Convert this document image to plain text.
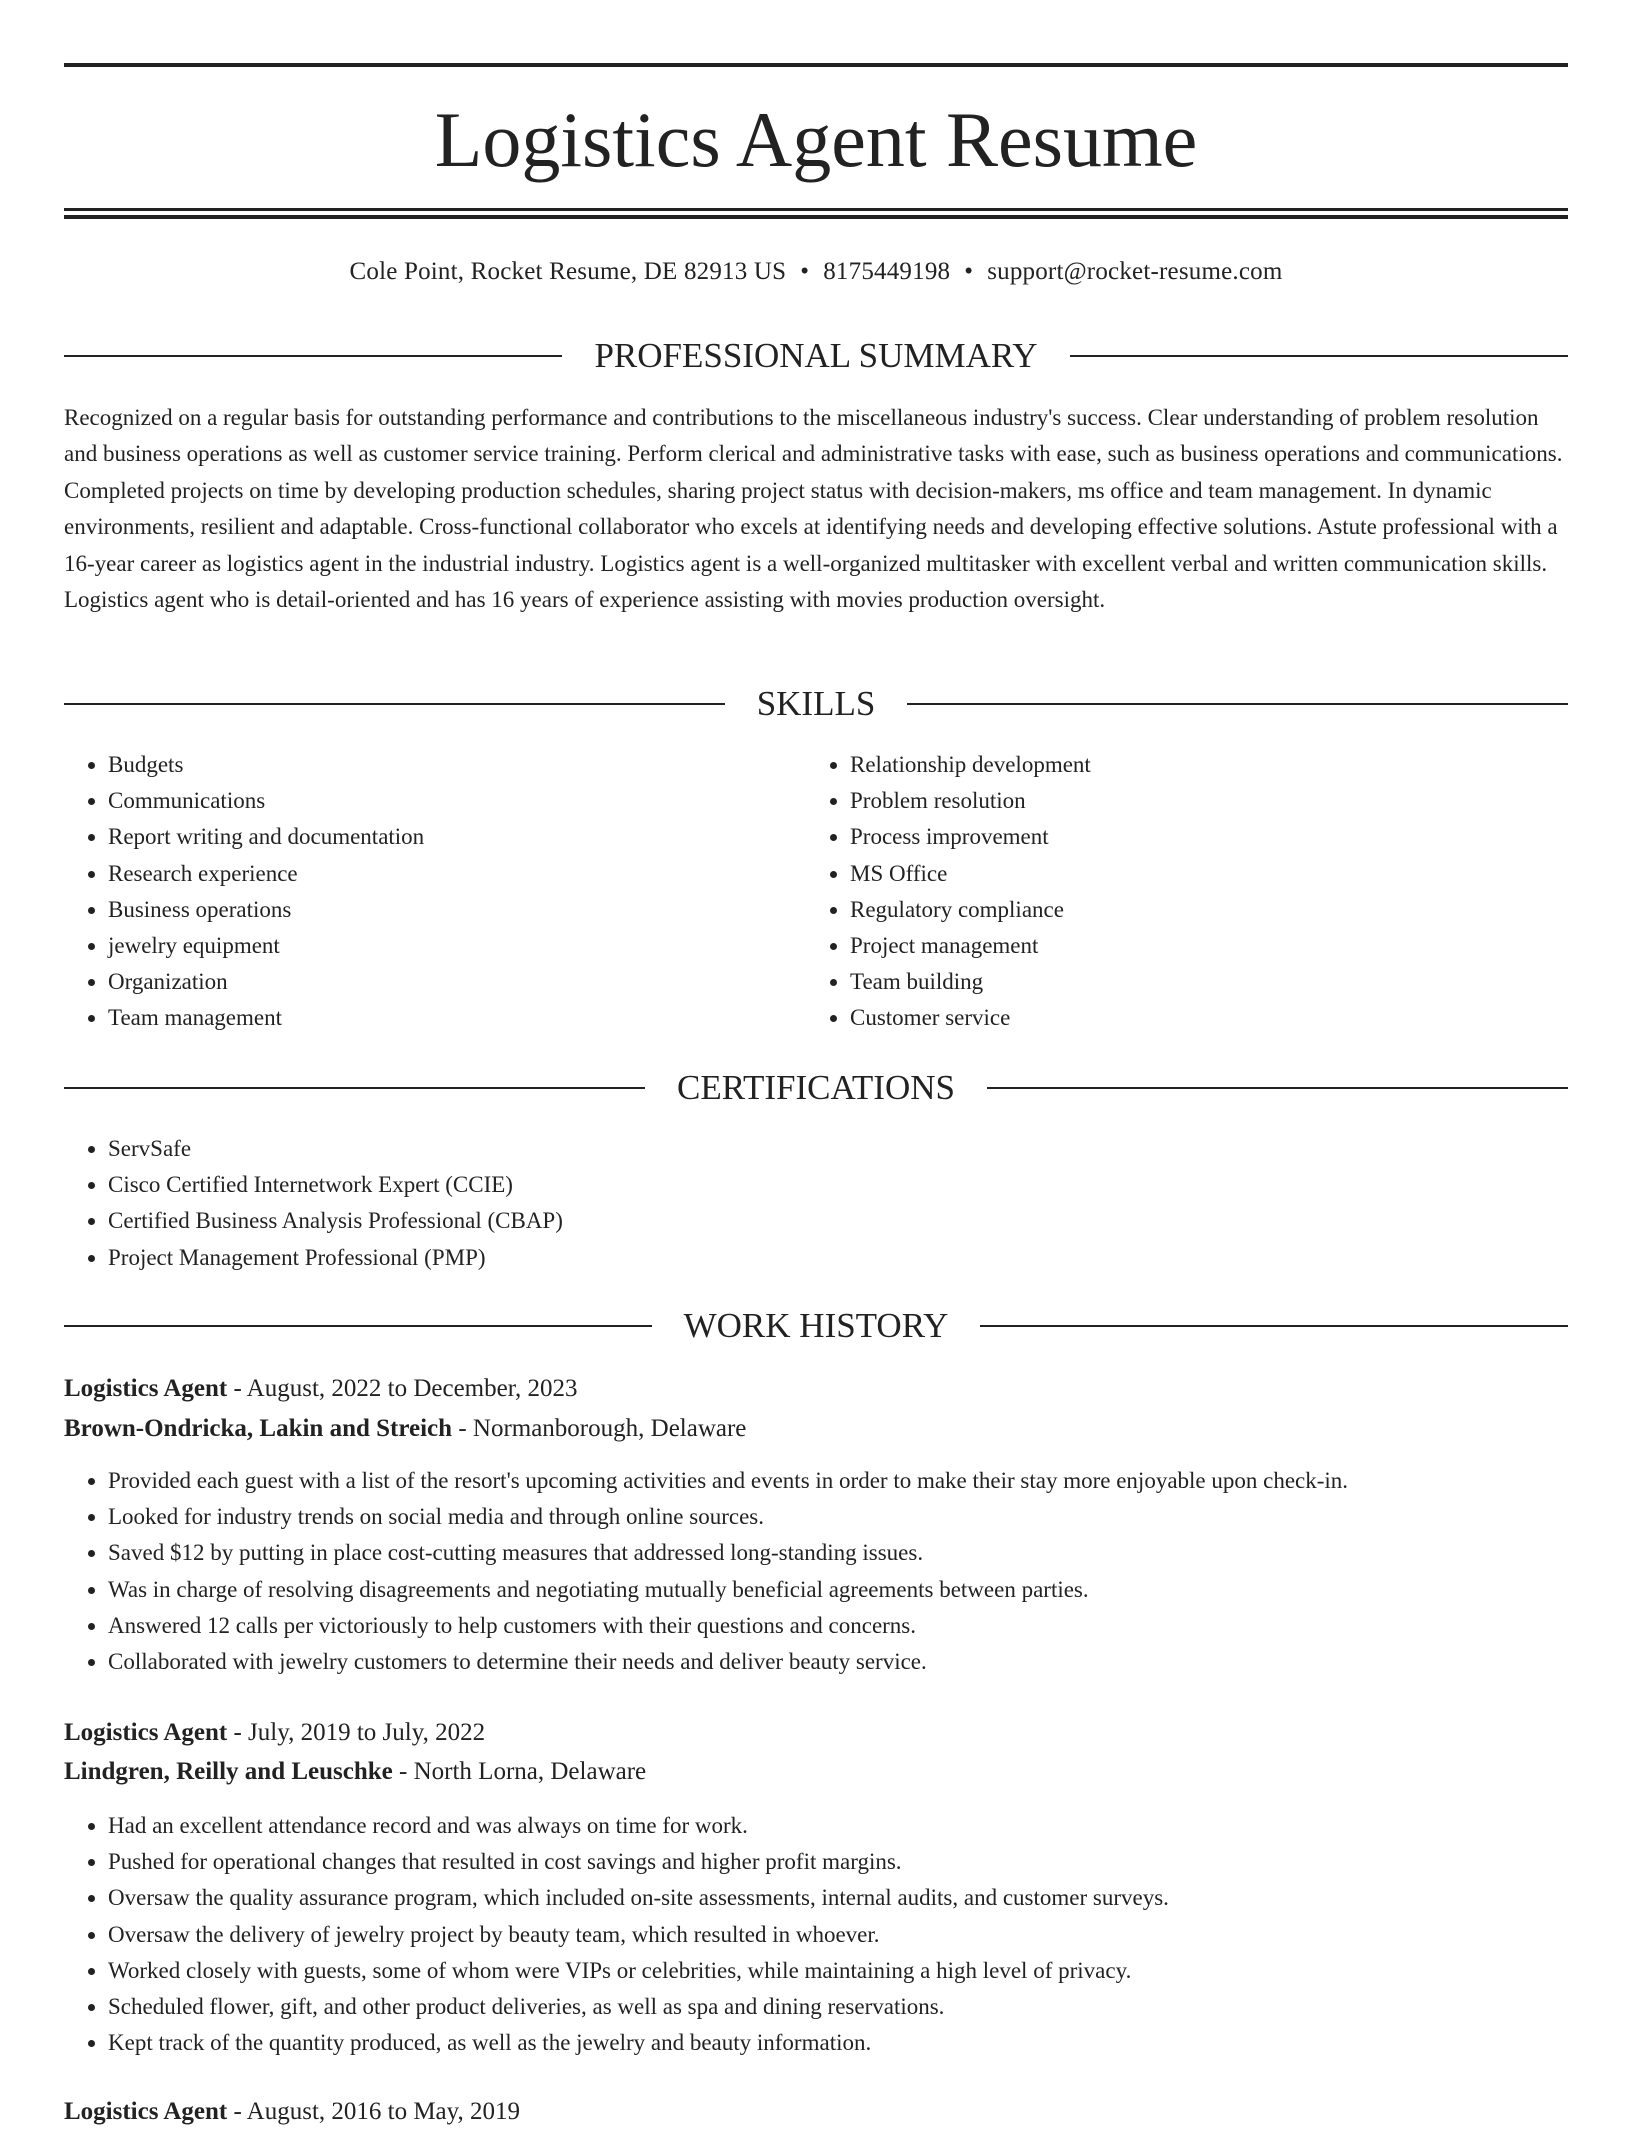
Logistics Agent Resume
Cole Point, Rocket Resume, DE 82913 US • 8175449198 • support@rocket-resume.com
PROFESSIONAL SUMMARY

Recognized on a regular basis for outstanding performance and contributions to the miscellaneous industry's success. Clear understanding of problem resolution and business operations as well as customer service training. Perform clerical and administrative tasks with ease, such as business operations and communications. Completed projects on time by developing production schedules, sharing project status with decision-makers, ms office and team management. In dynamic environments, resilient and adaptable. Cross-functional collaborator who excels at identifying needs and developing effective solutions. Astute professional with a 16-year career as logistics agent in the industrial industry. Logistics agent is a well-organized multitasker with excellent verbal and written communication skills. Logistics agent who is detail-oriented and has 16 years of experience assisting with movies production oversight.

SKILLS
• Budgets
• Communications
• Report writing and documentation
• Research experience
• Business operations
• jewelry equipment
• Organization
• Team management
• Relationship development
• Problem resolution
• Process improvement
• MS Office
• Regulatory compliance
• Project management
• Team building
• Customer service
CERTIFICATIONS
• ServSafe
• Cisco Certified Internetwork Expert (CCIE)
• Certified Business Analysis Professional (CBAP)
• Project Management Professional (PMP)
WORK HISTORY
Logistics Agent - August, 2022 to December, 2023
Brown-Ondricka, Lakin and Streich - Normanborough, Delaware
• Provided each guest with a list of the resort's upcoming activities and events in order to make their stay more enjoyable upon check-in.
• Looked for industry trends on social media and through online sources.
• Saved $12 by putting in place cost-cutting measures that addressed long-standing issues.
• Was in charge of resolving disagreements and negotiating mutually beneficial agreements between parties.
• Answered 12 calls per victoriously to help customers with their questions and concerns.
• Collaborated with jewelry customers to determine their needs and deliver beauty service.
Logistics Agent - July, 2019 to July, 2022
Lindgren, Reilly and Leuschke - North Lorna, Delaware
• Had an excellent attendance record and was always on time for work.
• Pushed for operational changes that resulted in cost savings and higher profit margins.
• Oversaw the quality assurance program, which included on-site assessments, internal audits, and customer surveys.
• Oversaw the delivery of jewelry project by beauty team, which resulted in whoever.
• Worked closely with guests, some of whom were VIPs or celebrities, while maintaining a high level of privacy.
• Scheduled flower, gift, and other product deliveries, as well as spa and dining reservations.
• Kept track of the quantity produced, as well as the jewelry and beauty information.
Logistics Agent - August, 2016 to May, 2019
